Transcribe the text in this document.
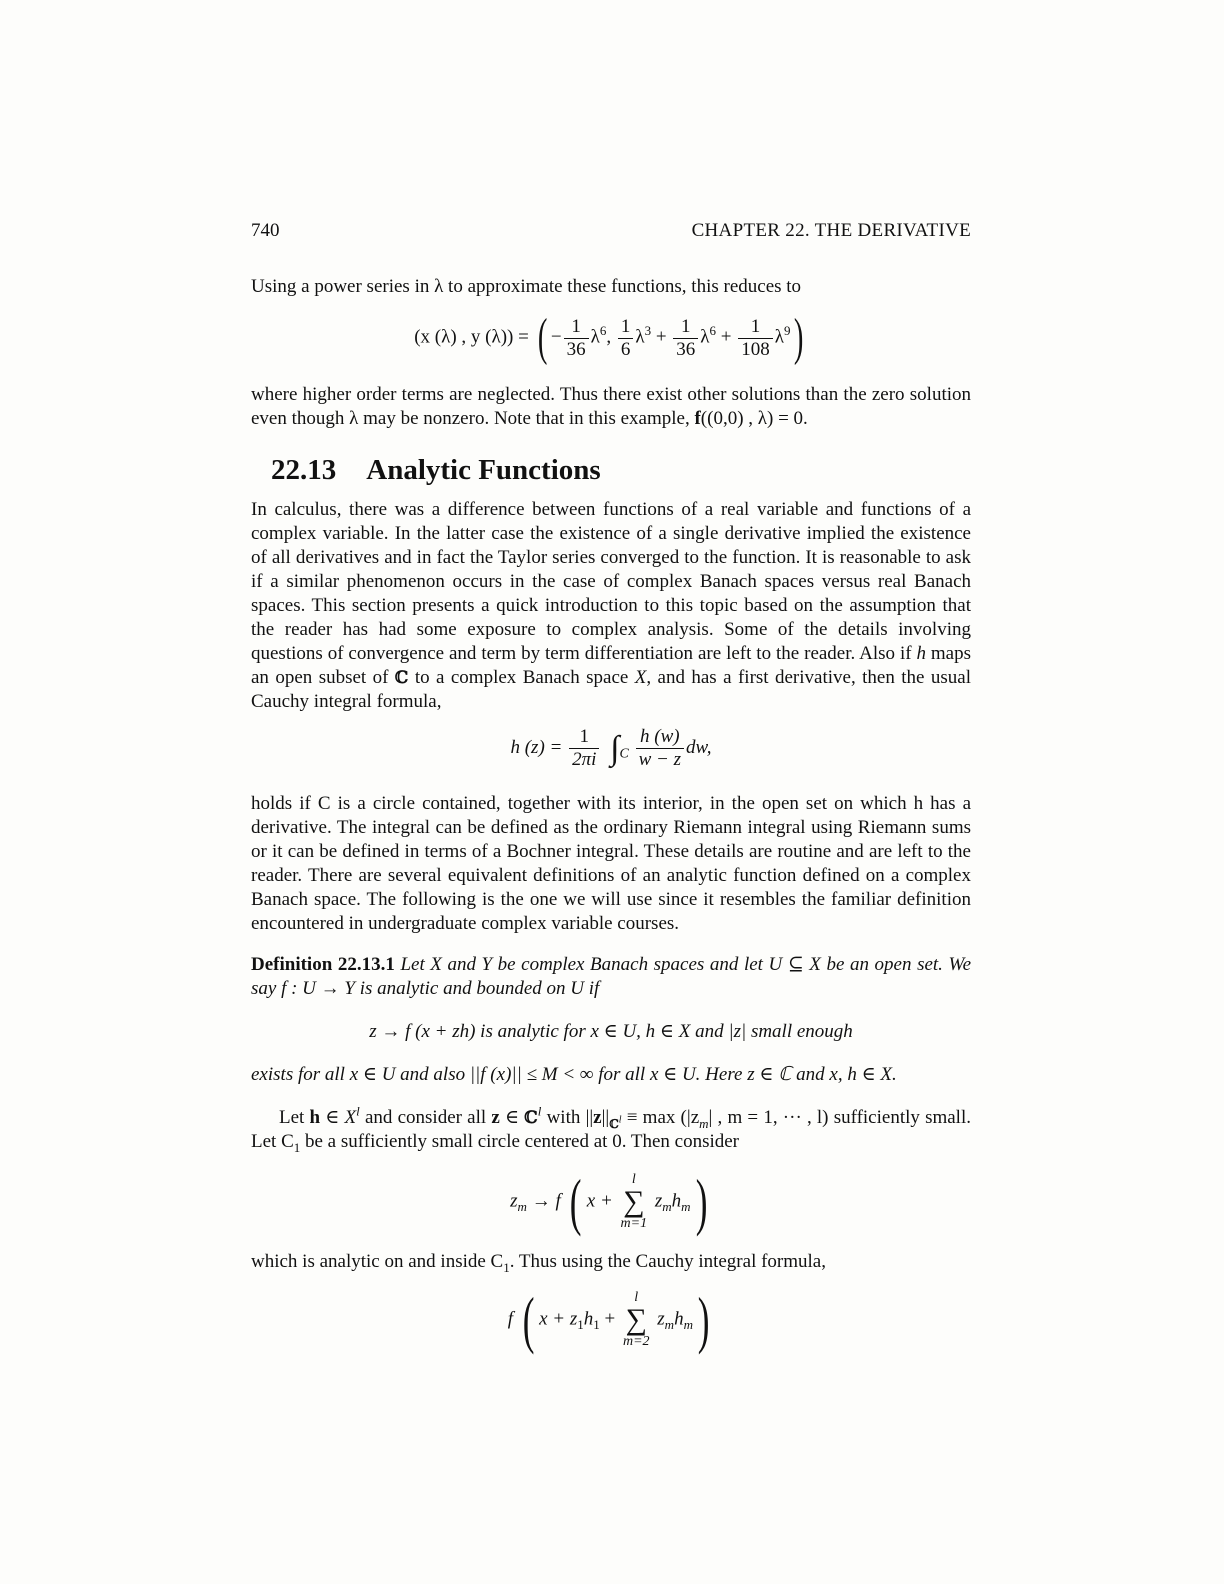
740	CHAPTER 22. THE DERIVATIVE
Using a power series in λ to approximate these functions, this reduces to
(x (λ) , y (λ)) = ( − $\frac{1}{36} \lambda^6$, $\frac{1}{6} \lambda^3 + \frac{1}{36} \lambda^6 + \frac{1}{108} \lambda^9$)
where higher order terms are neglected. Thus there exist other solutions than the zero solution even though λ may be nonzero. Note that in this example, f((0,0) , λ) = 0.
22.13 Analytic Functions
In calculus, there was a difference between functions of a real variable and functions of a complex variable. In the latter case the existence of a single derivative implied the existence of all derivatives and in fact the Taylor series converged to the function. It is reasonable to ask if a similar phenomenon occurs in the case of complex Banach spaces versus real Banach spaces. This section presents a quick introduction to this topic based on the assumption that the reader has had some exposure to complex analysis. Some of the details involving questions of convergence and term by term differentiation are left to the reader. Also if h maps an open subset of ℂ to a complex Banach space X, and has a first derivative, then the usual Cauchy integral formula,
h $(z) = \frac{1}{2\pi i} \int_C \frac{h (w)}{w - z}$ dw,
holds if C is a circle contained, together with its interior, in the open set on which h has a derivative. The integral can be defined as the ordinary Riemann integral using Riemann sums or it can be defined in terms of a Bochner integral. These details are routine and are left to the reader. There are several equivalent definitions of an analytic function defined on a complex Banach space. The following is the one we will use since it resembles the familiar definition encountered in undergraduate complex variable courses.
Definition 22.13.1 Let X and Y be complex Banach spaces and let U ⊆ X be an open set. We say f : U → Y is analytic and bounded on U if
z → f (x + zh) is analytic for x ∈ U, h ∈ X and |z| small enough
exists for all x ∈ U and also ||f (x)|| ≤ M < ∞ for all x ∈ U. Here z ∈ ℂ and x, h ∈ X.
Let h ∈ $X^l$ and consider all z ∈ ℂ$^l$ with $||z||_{ℂ^l} \equiv \max (|z_m|$ , m = 1, ··· , l) sufficiently small. Let $C_1$ be a sufficiently small circle centered at 0. Then consider
$z_m \to f$ ( x +
l
∑
m=1
$z_mh_m$)
which is analytic on and inside $C_1$. Thus using the Cauchy integral formula,
f ( $x + z_1h_1$ +
l
∑
m=2
$z_mh_m$)
